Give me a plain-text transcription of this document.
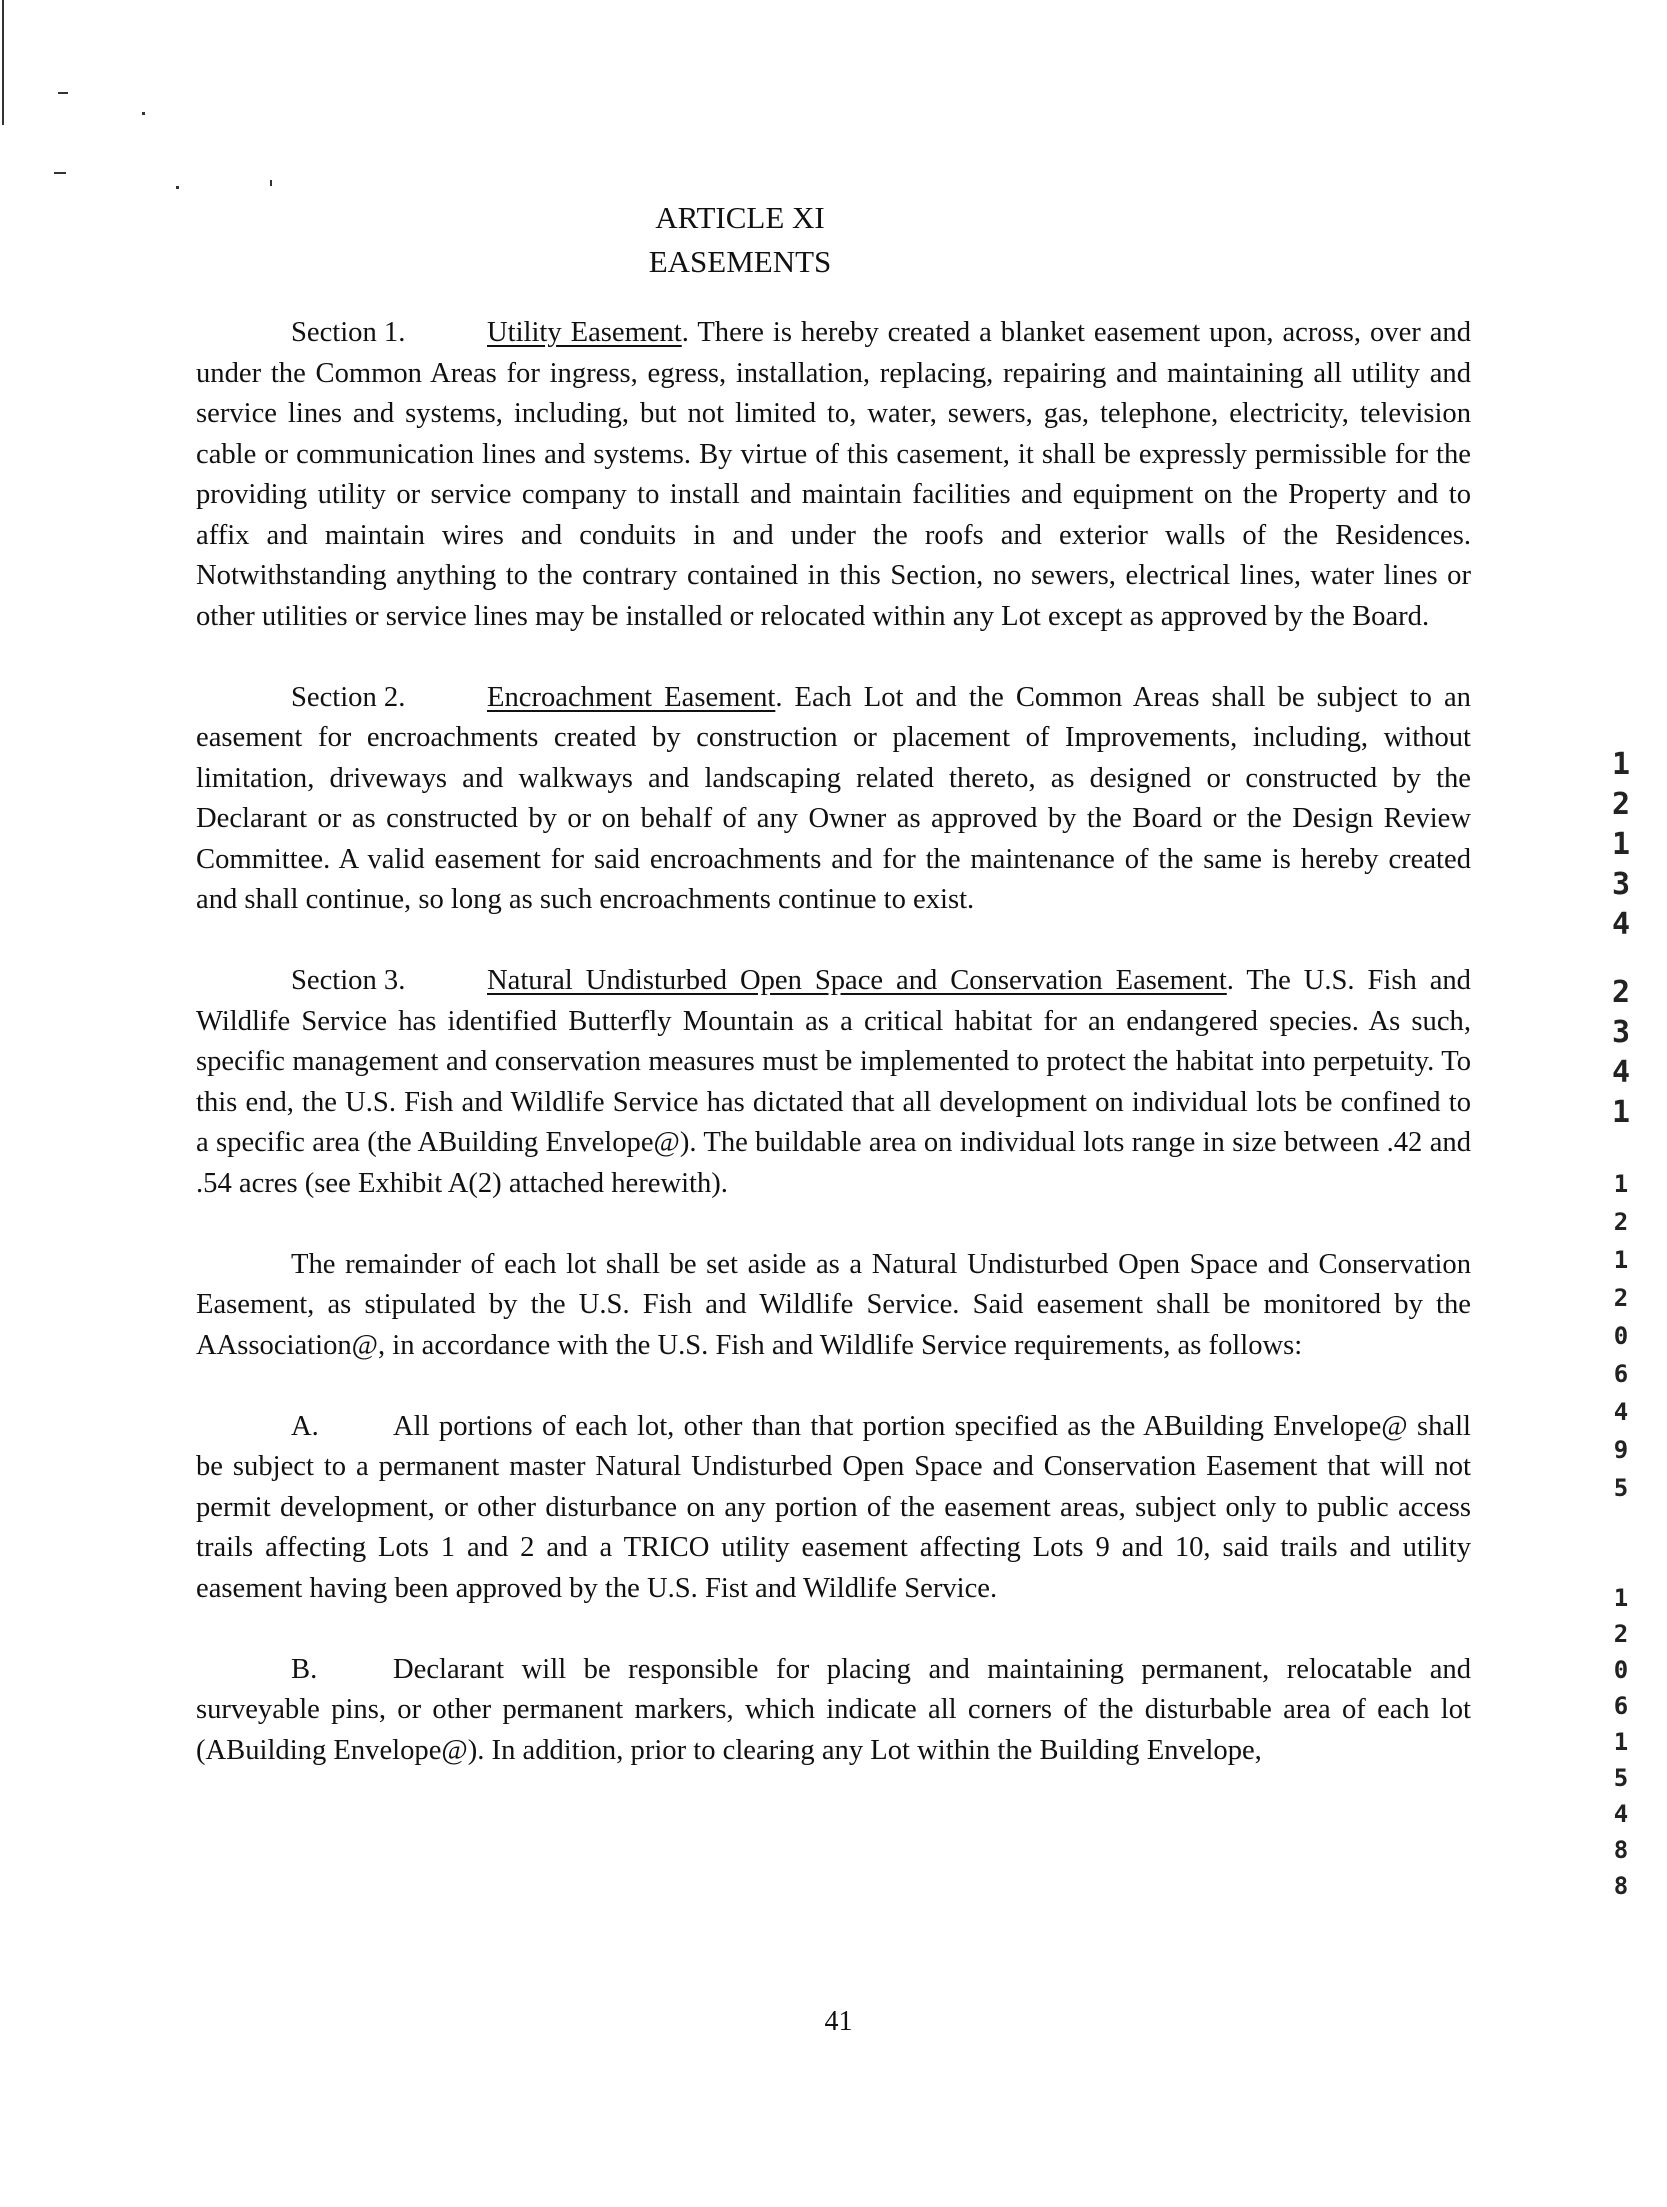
ARTICLE XI
EASEMENTS

Section 1.	Utility Easement. There is hereby created a blanket easement upon, across, over and under the Common Areas for ingress, egress, installation, replacing, repairing and maintaining all utility and service lines and systems, including, but not limited to, water, sewers, gas, telephone, electricity, television cable or communication lines and systems. By virtue of this casement, it shall be expressly permissible for the providing utility or service company to install and maintain facilities and equipment on the Property and to affix and maintain wires and conduits in and under the roofs and exterior walls of the Residences. Notwithstanding anything to the contrary contained in this Section, no sewers, electrical lines, water lines or other utilities or service lines may be installed or relocated within any Lot except as approved by the Board.

Section 2.	Encroachment Easement. Each Lot and the Common Areas shall be subject to an easement for encroachments created by construction or placement of Improvements, including, without limitation, driveways and walkways and landscaping related thereto, as designed or constructed by the Declarant or as constructed by or on behalf of any Owner as approved by the Board or the Design Review Committee. A valid easement for said encroachments and for the maintenance of the same is hereby created and shall continue, so long as such encroachments continue to exist.

Section 3.	Natural Undisturbed Open Space and Conservation Easement. The U.S. Fish and Wildlife Service has identified Butterfly Mountain as a critical habitat for an endangered species. As such, specific management and conservation measures must be implemented to protect the habitat into perpetuity. To this end, the U.S. Fish and Wildlife Service has dictated that all development on individual lots be confined to a specific area (the ABuilding Envelope@). The buildable area on individual lots range in size between .42 and .54 acres (see Exhibit A(2) attached herewith).

The remainder of each lot shall be set aside as a Natural Undisturbed Open Space and Conservation Easement, as stipulated by the U.S. Fish and Wildlife Service. Said easement shall be monitored by the AAssociation@, in accordance with the U.S. Fish and Wildlife Service requirements, as follows:

A.	All portions of each lot, other than that portion specified as the ABuilding Envelope@ shall be subject to a permanent master Natural Undisturbed Open Space and Conservation Easement that will not permit development, or other disturbance on any portion of the easement areas, subject only to public access trails affecting Lots 1 and 2 and a TRICO utility easement affecting Lots 9 and 10, said trails and utility easement having been approved by the U.S. Fist and Wildlife Service.

B.	Declarant will be responsible for placing and maintaining permanent, relocatable and surveyable pins, or other permanent markers, which indicate all corners of the disturbable area of each lot (ABuilding Envelope@). In addition, prior to clearing any Lot within the Building Envelope,

1
2
1
3
4
2
3
4
1
1
2
1
2
0
6
4
9
5
1
2
0
6
1
5
4
8
8
41
